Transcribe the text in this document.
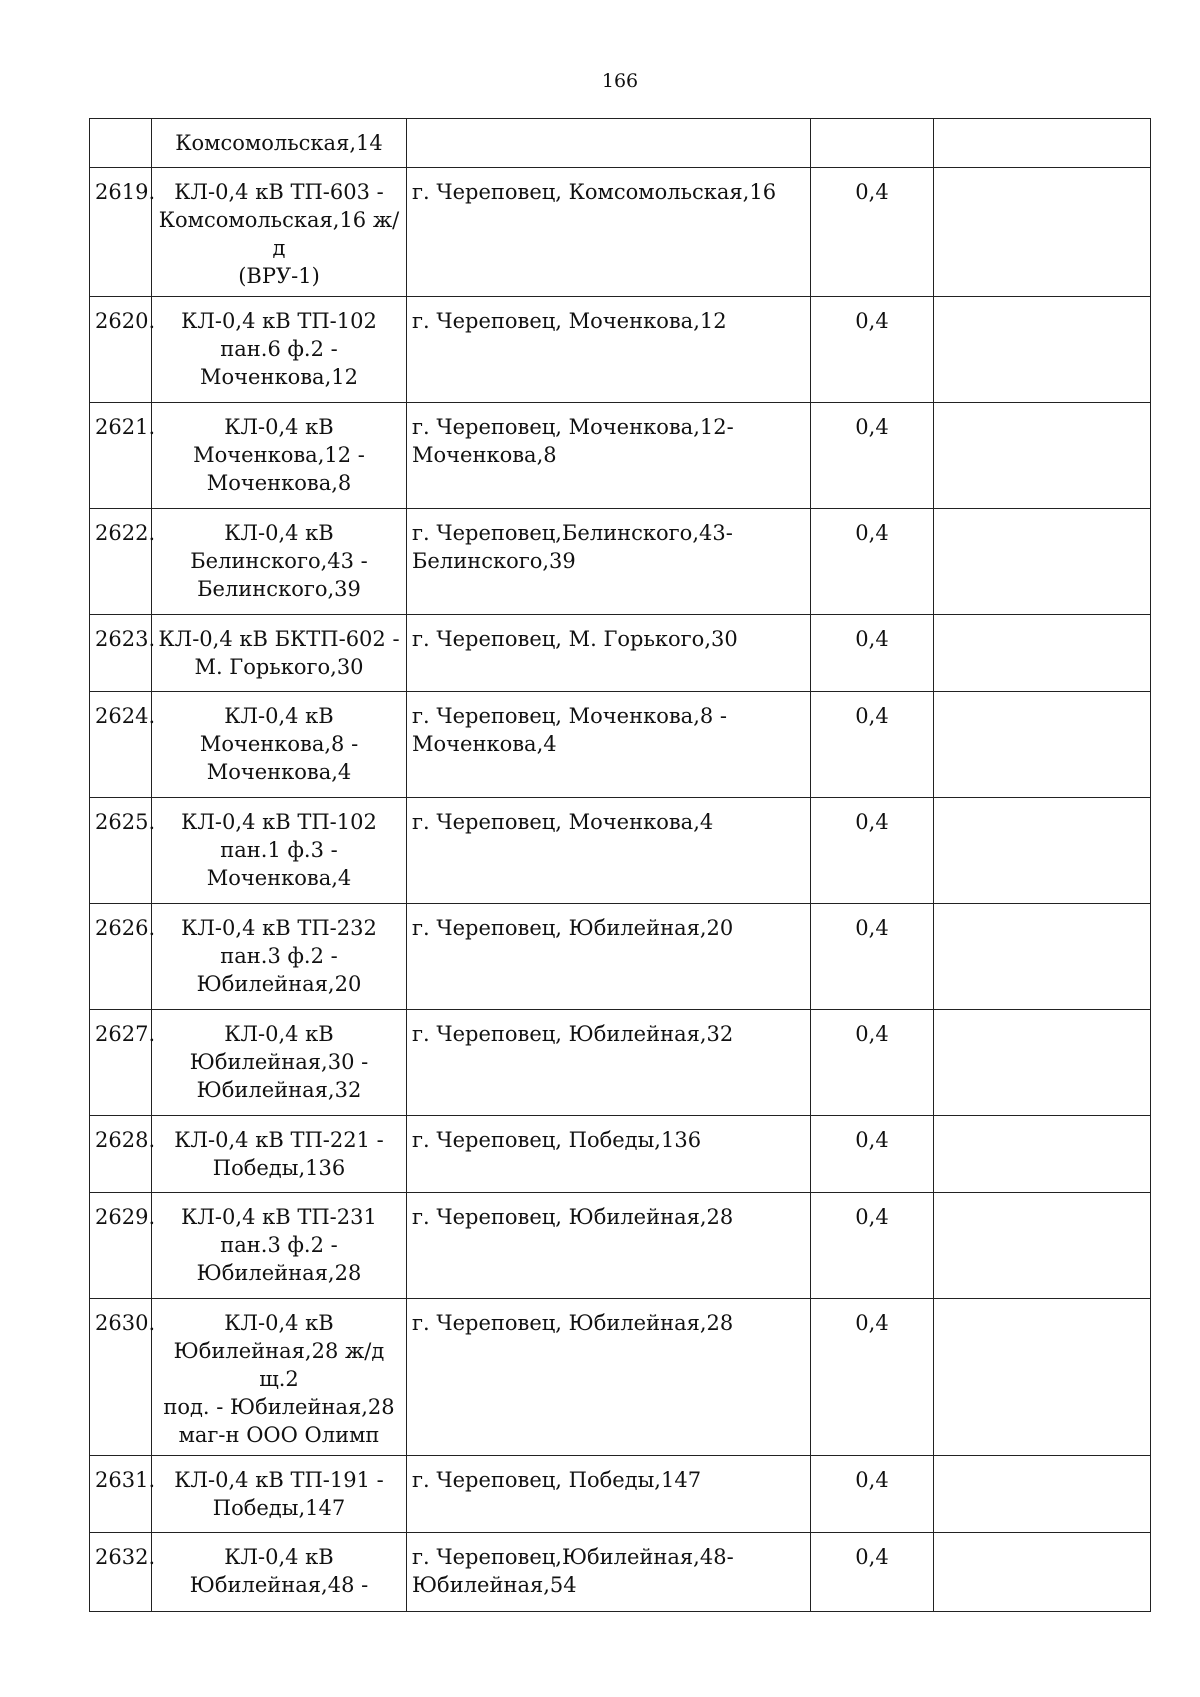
166
	Комсомольская,14			
2619.	КЛ-0,4 кВ ТП-603 -
Комсомольская,16 ж/д
(ВРУ-1)	г. Череповец, Комсомольская,16	0,4	
2620.	КЛ-0,4 кВ ТП-102
пан.6 ф.2 -
Моченкова,12	г. Череповец, Моченкова,12	0,4	
2621.	КЛ-0,4 кВ
Моченкова,12 -
Моченкова,8	г. Череповец, Моченкова,12-
Моченкова,8	0,4	
2622.	КЛ-0,4 кВ
Белинского,43 -
Белинского,39	г. Череповец,Белинского,43-
Белинского,39	0,4	
2623.	КЛ-0,4 кВ БКТП-602 -
М. Горького,30	г. Череповец, М. Горького,30	0,4	
2624.	КЛ-0,4 кВ
Моченкова,8 -
Моченкова,4	г. Череповец, Моченкова,8 -
Моченкова,4	0,4	
2625.	КЛ-0,4 кВ ТП-102
пан.1 ф.3 -
Моченкова,4	г. Череповец, Моченкова,4	0,4	
2626.	КЛ-0,4 кВ ТП-232
пан.3 ф.2 -
Юбилейная,20	г. Череповец, Юбилейная,20	0,4	
2627.	КЛ-0,4 кВ
Юбилейная,30 -
Юбилейная,32	г. Череповец, Юбилейная,32	0,4	
2628.	КЛ-0,4 кВ ТП-221 -
Победы,136	г. Череповец, Победы,136	0,4	
2629.	КЛ-0,4 кВ ТП-231
пан.3 ф.2 -
Юбилейная,28	г. Череповец, Юбилейная,28	0,4	
2630.	КЛ-0,4 кВ
Юбилейная,28 ж/д щ.2
под. - Юбилейная,28
маг-н ООО Олимп	г. Череповец, Юбилейная,28	0,4	
2631.	КЛ-0,4 кВ ТП-191 -
Победы,147	г. Череповец, Победы,147	0,4	
2632.	КЛ-0,4 кВ
Юбилейная,48 -	г. Череповец,Юбилейная,48-
Юбилейная,54	0,4	
